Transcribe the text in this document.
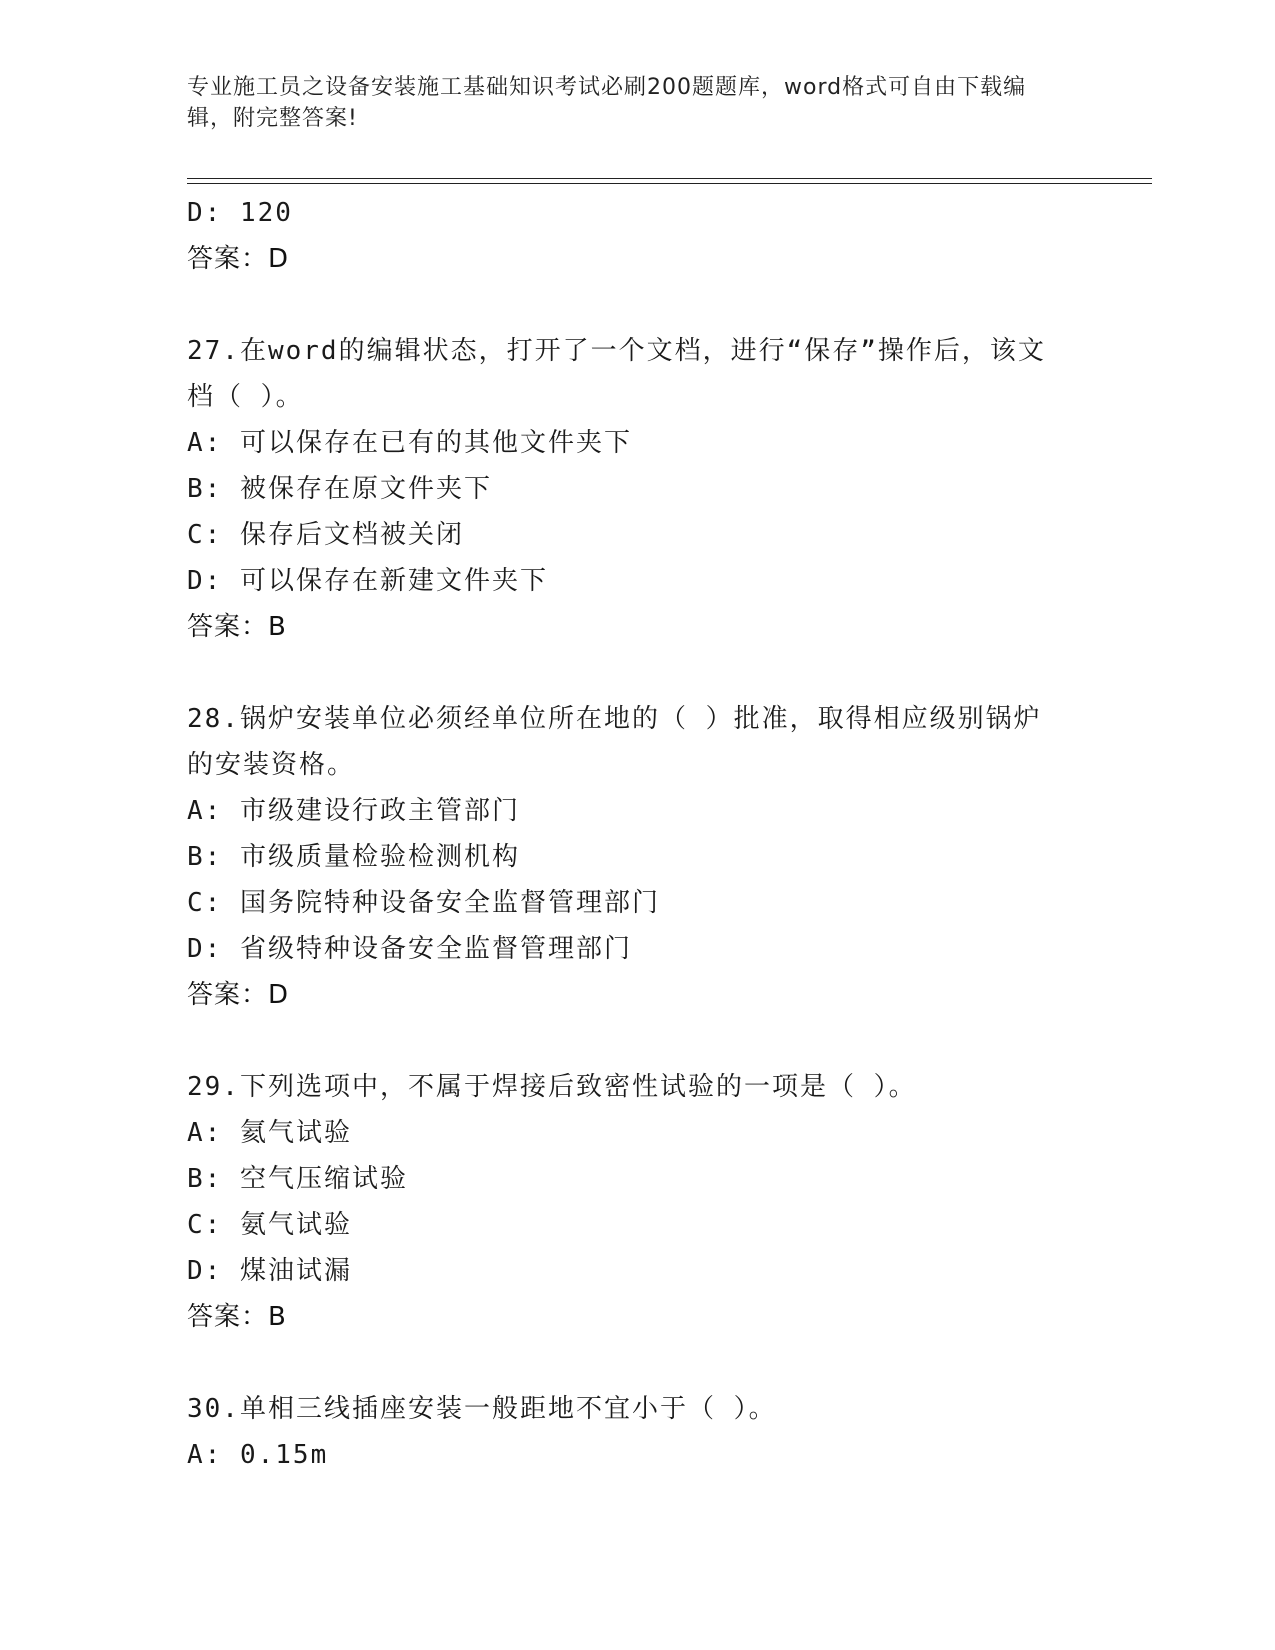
专业施工员之设备安装施工基础知识考试必刷200题题库，word格式可自由下载编辑，附完整答案!
D: 120
答案：D
27.在word的编辑状态，打开了一个文档，进行“保存”操作后，该文档（ ）。
A: 可以保存在已有的其他文件夹下
B: 被保存在原文件夹下
C: 保存后文档被关闭
D: 可以保存在新建文件夹下
答案：B
28.锅炉安装单位必须经单位所在地的（ ）批准，取得相应级别锅炉的安装资格。
A: 市级建设行政主管部门
B: 市级质量检验检测机构
C: 国务院特种设备安全监督管理部门
D: 省级特种设备安全监督管理部门
答案：D
29.下列选项中，不属于焊接后致密性试验的一项是（ ）。
A: 氦气试验
B: 空气压缩试验
C: 氨气试验
D: 煤油试漏
答案：B
30.单相三线插座安装一般距地不宜小于（ ）。
A: 0.15m
